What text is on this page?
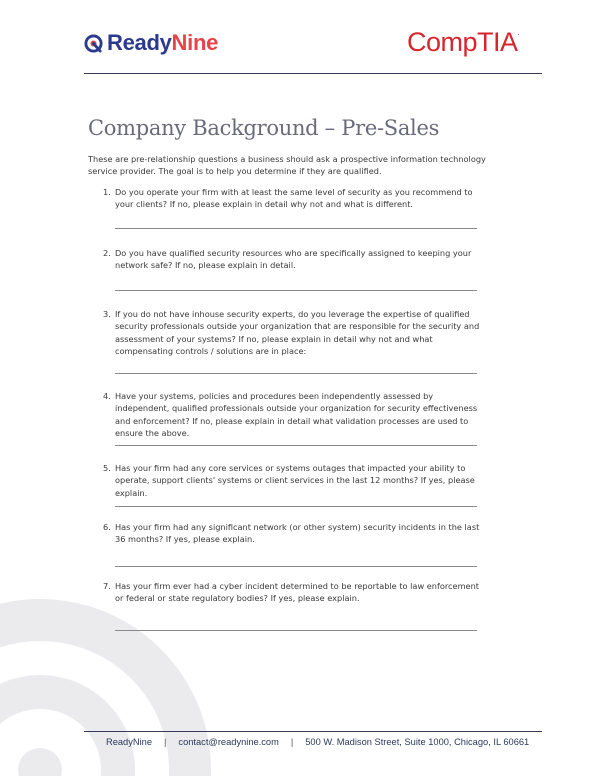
ReadyNine	CompTIA.
Company Background – Pre-Sales

These are pre-relationship questions a business should ask a prospective information technology service provider. The goal is to help you determine if they are qualified.

1. Do you operate your firm with at least the same level of security as you recommend to your clients? If no, please explain in detail why not and what is different.
2. Do you have qualified security resources who are specifically assigned to keeping your network safe? If no, please explain in detail.
3. If you do not have inhouse security experts, do you leverage the expertise of qualified security professionals outside your organization that are responsible for the security and assessment of your systems? If no, please explain in detail why not and what compensating controls / solutions are in place:
4. Have your systems, policies and procedures been independently assessed by independent, qualified professionals outside your organization for security effectiveness and enforcement? If no, please explain in detail what validation processes are used to ensure the above.
5. Has your firm had any core services or systems outages that impacted your ability to operate, support clients' systems or client services in the last 12 months? If yes, please explain.
6. Has your firm had any significant network (or other system) security incidents in the last 36 months? If yes, please explain.
7. Has your firm ever had a cyber incident determined to be reportable to law enforcement or federal or state regulatory bodies? If yes, please explain.
ReadyNine | contact@readynine.com | 500 W. Madison Street, Suite 1000, Chicago, IL 60661
